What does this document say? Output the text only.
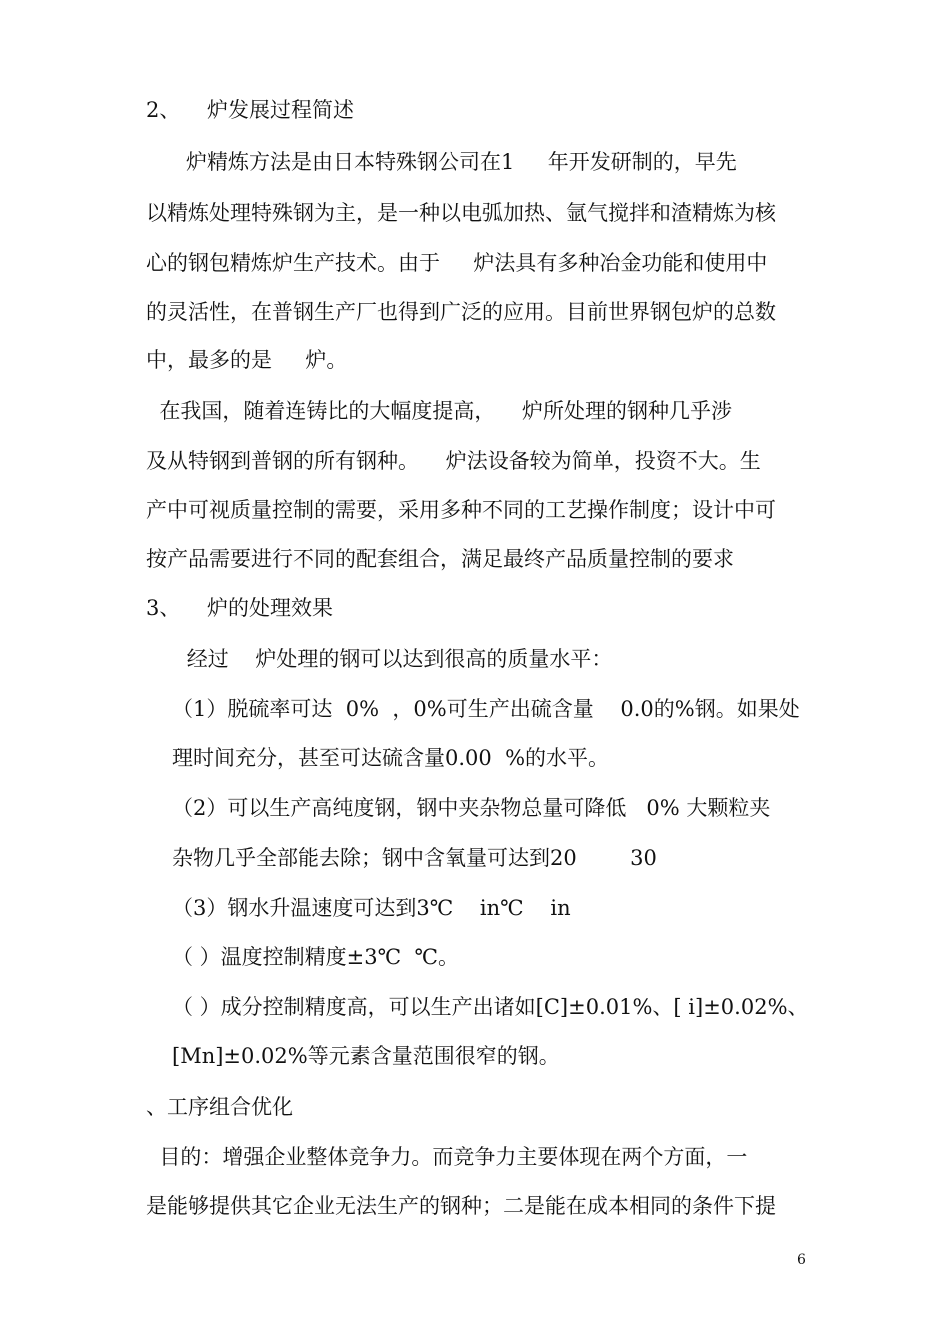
2、    炉发展过程简述
炉精炼方法是由日本特殊钢公司在1     年开发研制的，早先
以精炼处理特殊钢为主，是一种以电弧加热、氩气搅拌和渣精炼为核
心的钢包精炼炉生产技术。由于     炉法具有多种冶金功能和使用中
的灵活性，在普钢生产厂也得到广泛的应用。目前世界钢包炉的总数
中，最多的是     炉。
在我国，随着连铸比的大幅度提高，    炉所处理的钢种几乎涉
及从特钢到普钢的所有钢种。    炉法设备较为简单，投资不大。生
产中可视质量控制的需要，采用多种不同的工艺操作制度；设计中可
按产品需要进行不同的配套组合，满足最终产品质量控制的要求
3、    炉的处理效果
经过    炉处理的钢可以达到很高的质量水平：
（1）脱硫率可达  0%  ，0%可生产出硫含量    0.0的%钢。如果处
理时间充分，甚至可达硫含量0.00  %的水平。
（2）可以生产高纯度钢，钢中夹杂物总量可降低   0% 大颗粒夹
杂物几乎全部能去除；钢中含氧量可达到20        30
（3）钢水升温速度可达到3℃    in℃    in
（ ）温度控制精度±3℃  ℃。
（ ）成分控制精度高，可以生产出诸如[C]±0.01%、[ i]±0.02%、
[Mn]±0.02%等元素含量范围很窄的钢。
、工序组合优化
目的：增强企业整体竞争力。而竞争力主要体现在两个方面，一
是能够提供其它企业无法生产的钢种；二是能在成本相同的条件下提
6
